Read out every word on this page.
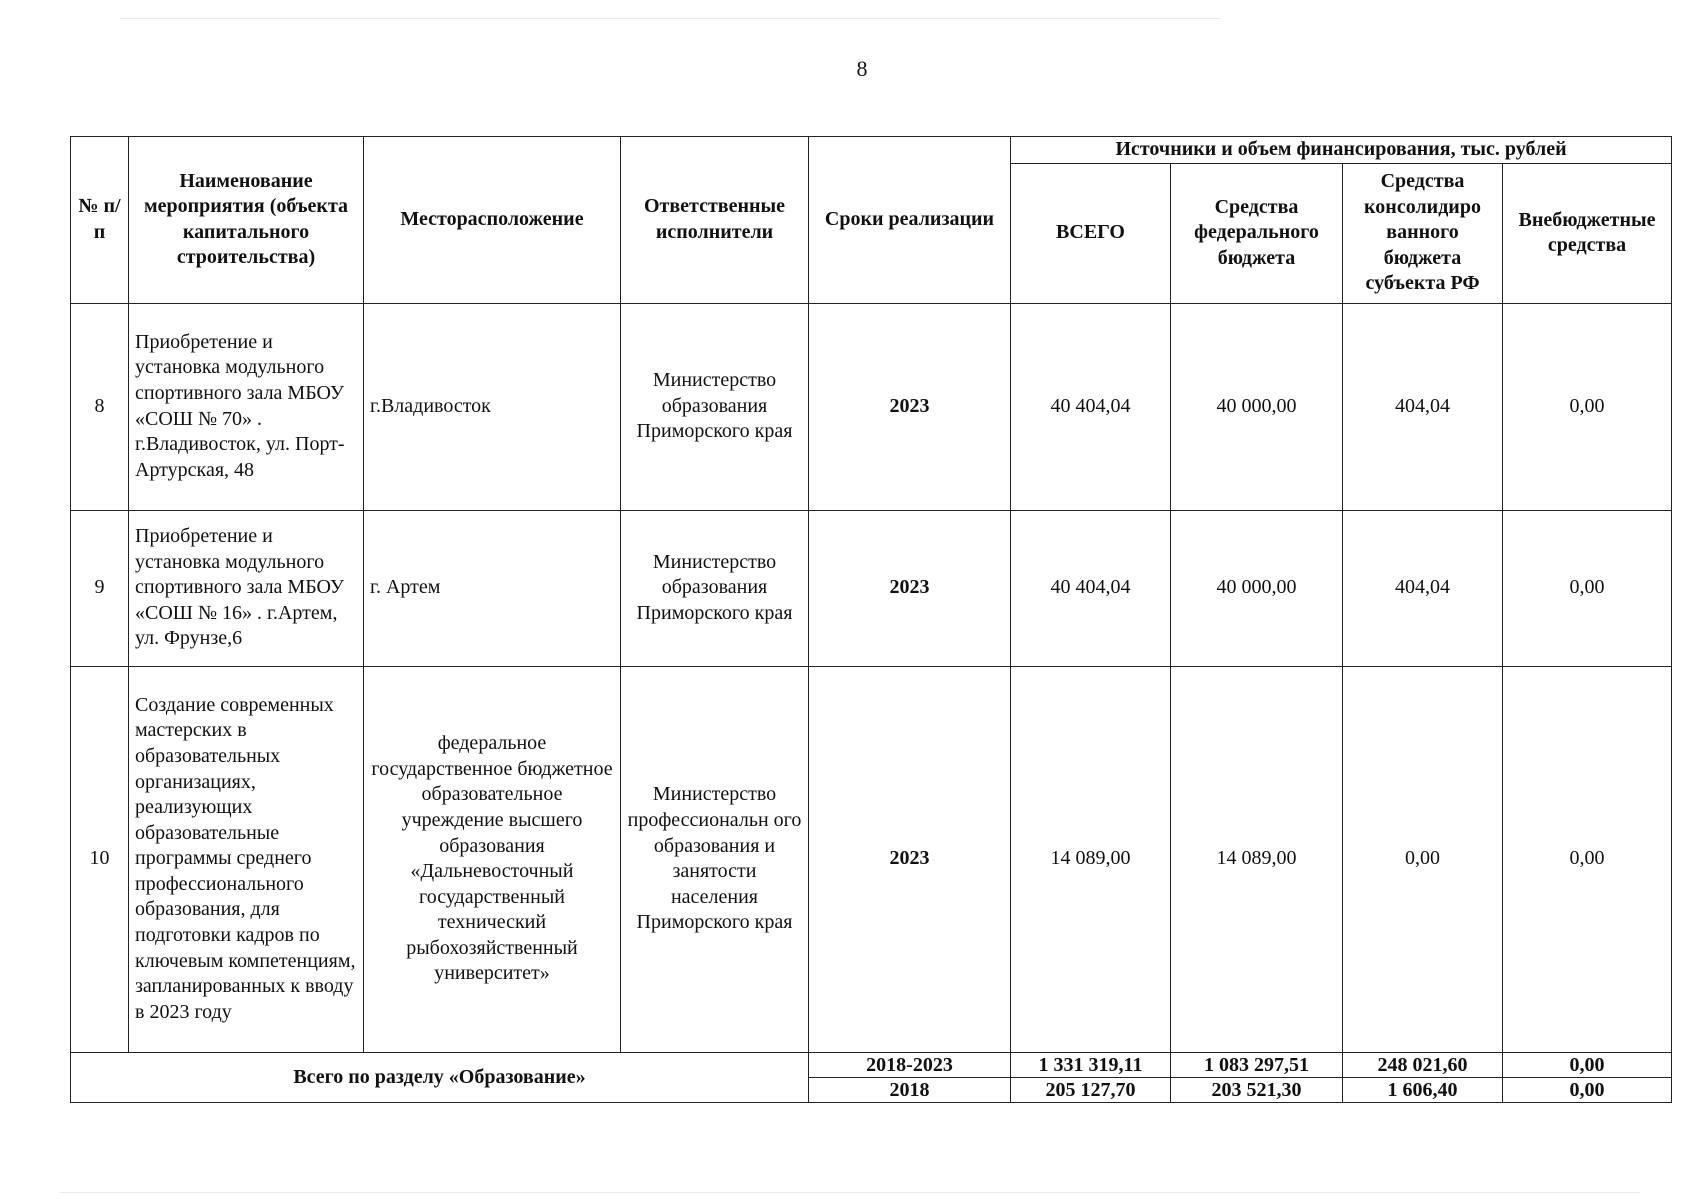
8
№ п/п	Наименование мероприятия (объекта капитального строительства)	Месторасположение	Ответственные исполнители	Сроки реализации	Источники и объем финансирования, тыс. рублей			
					ВСЕГО	Средства федерального бюджета	Средства консолидиро ванного бюджета субъекта РФ	Внебюджетные средства
8	Приобретение и установка модульного спортивного зала МБОУ «СОШ № 70» . г.Владивосток, ул. Порт-Артурская, 48	г.Владивосток	Министерство образования Приморского края	2023	40 404,04	40 000,00	404,04	0,00
9	Приобретение и установка модульного спортивного зала МБОУ «СОШ № 16» . г.Артем, ул. Фрунзе,6	г. Артем	Министерство образования Приморского края	2023	40 404,04	40 000,00	404,04	0,00
10	Создание современных мастерских в образовательных организациях, реализующих образовательные программы среднего профессионального образования, для подготовки кадров по ключевым компетенциям, запланированных к вводу в 2023 году	федеральное государственное бюджетное образовательное учреждение высшего образования «Дальневосточный государственный технический рыбохозяйственный университет»	Министерство профессиональн ого образования и занятости населения Приморского края	2023	14 089,00	14 089,00	0,00	0,00
Всего по разделу «Образование»				2018-2023	1 331 319,11	1 083 297,51	248 021,60	0,00
				2018	205 127,70	203 521,30	1 606,40	0,00
